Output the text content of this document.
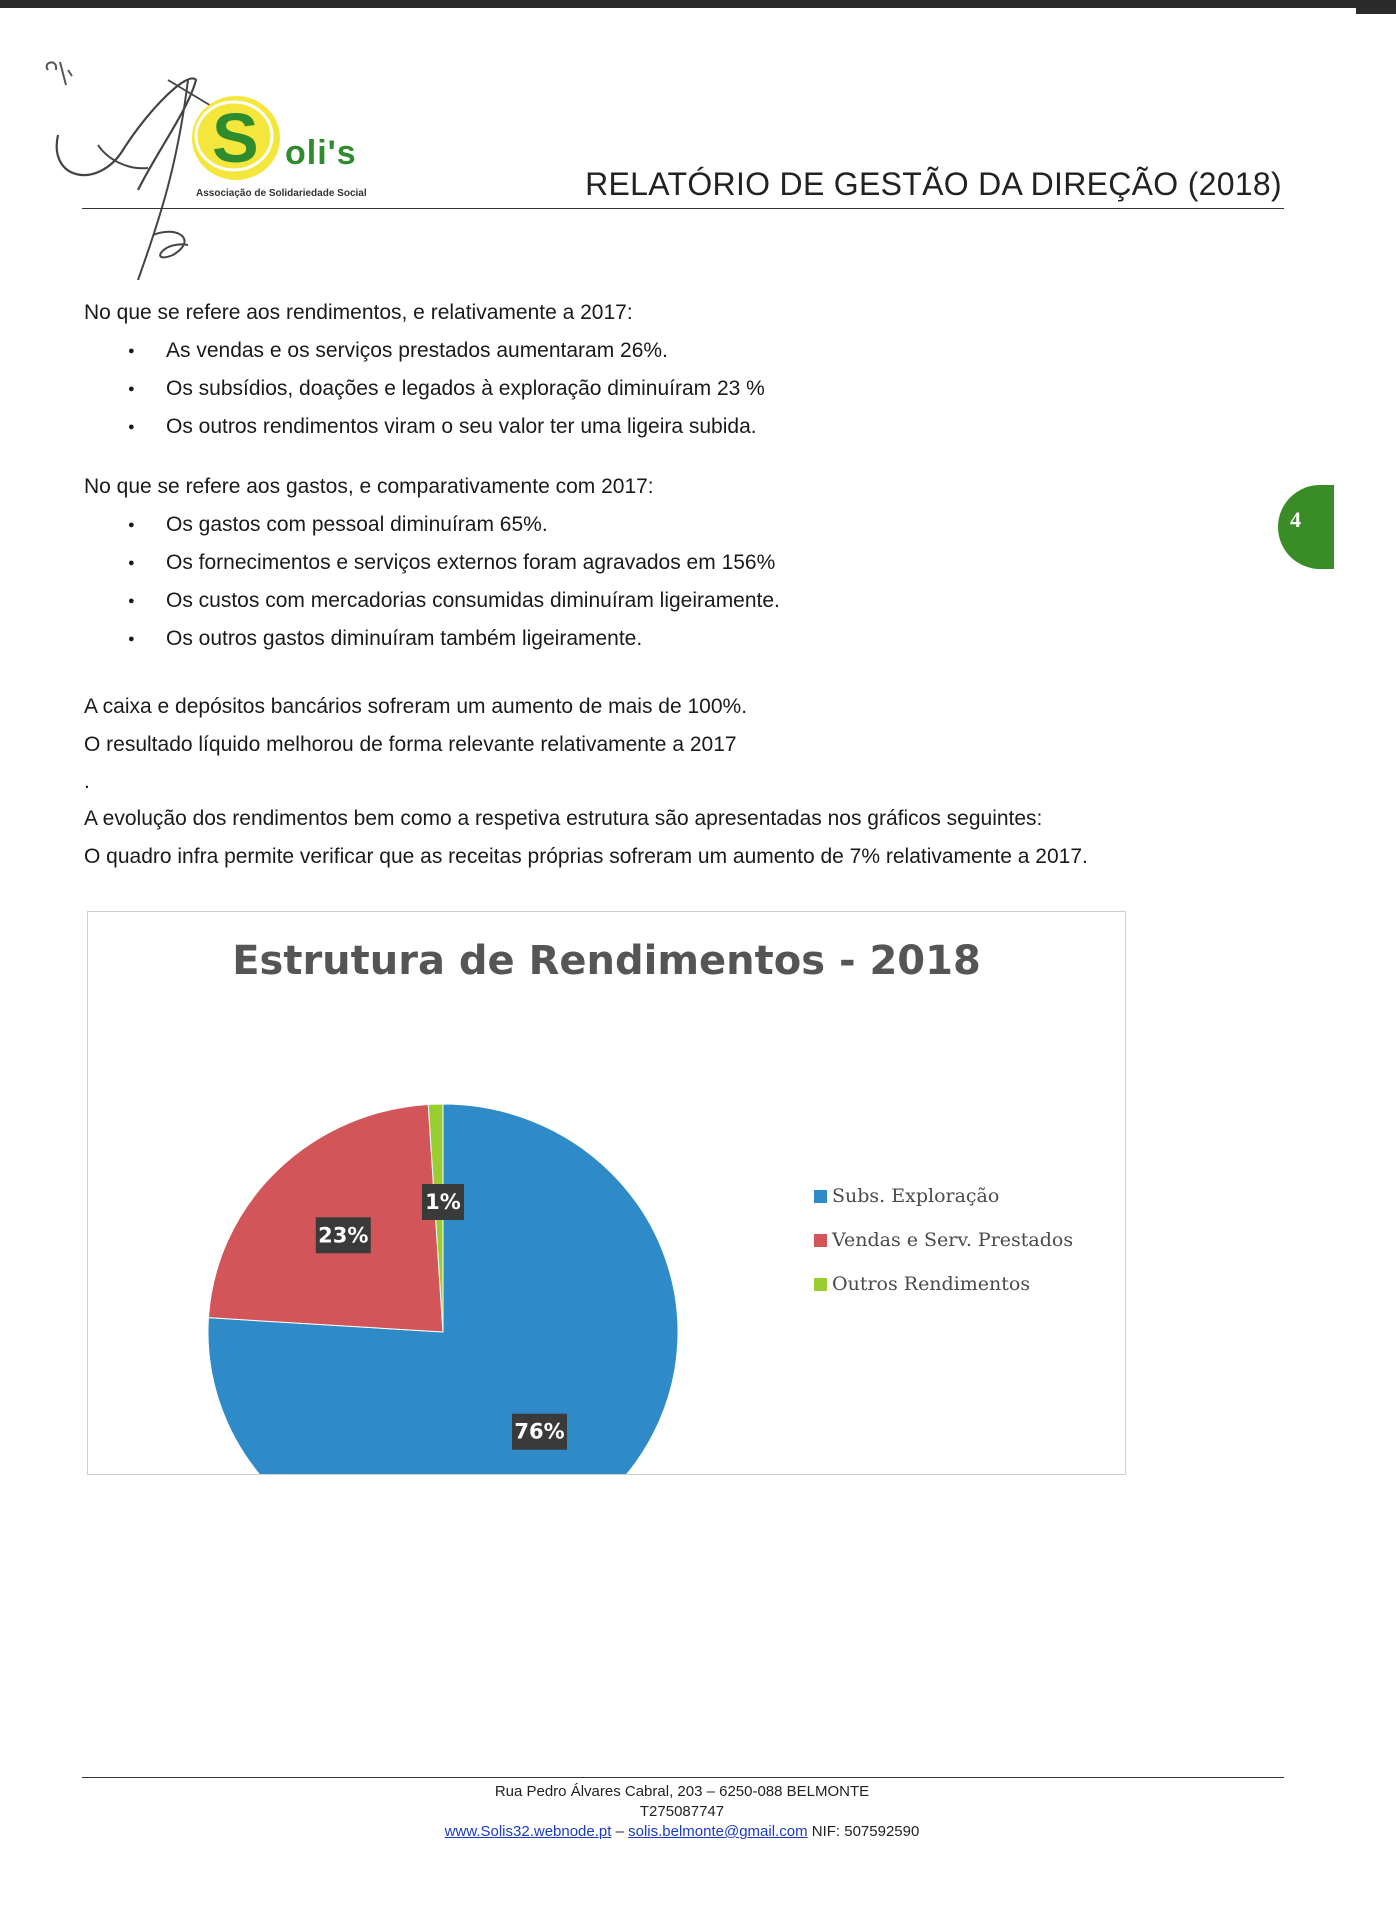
S oli's
Associação de Solidariedade Social	RELATÓRIO DE GESTÃO DA DIREÇÃO (2018)
4

No que se refere aos rendimentos, e relativamente a 2017:

● As vendas e os serviços prestados aumentaram 26%.
● Os subsídios, doações e legados à exploração diminuíram 23 %
● Os outros rendimentos viram o seu valor ter uma ligeira subida.

No que se refere aos gastos, e comparativamente com 2017:

● Os gastos com pessoal diminuíram 65%.
● Os fornecimentos e serviços externos foram agravados em 156%
● Os custos com mercadorias consumidas diminuíram ligeiramente.
● Os outros gastos diminuíram também ligeiramente.

A caixa e depósitos bancários sofreram um aumento de mais de 100%.

O resultado líquido melhorou de forma relevante relativamente a 2017

.

A evolução dos rendimentos bem como a respetiva estrutura são apresentadas nos gráficos seguintes:

O quadro infra permite verificar que as receitas próprias sofreram um aumento de 7% relativamente a 2017.

Estrutura de Rendimentos - 2018
76%
23%
1%	Subs. Exploração
Vendas e Serv. Prestados
Outros Rendimentos
Rua Pedro Álvares Cabral, 203 – 6250-088 BELMONTE
T275087747
www.Solis32.webnode.pt – solis.belmonte@gmail.com NIF: 507592590
